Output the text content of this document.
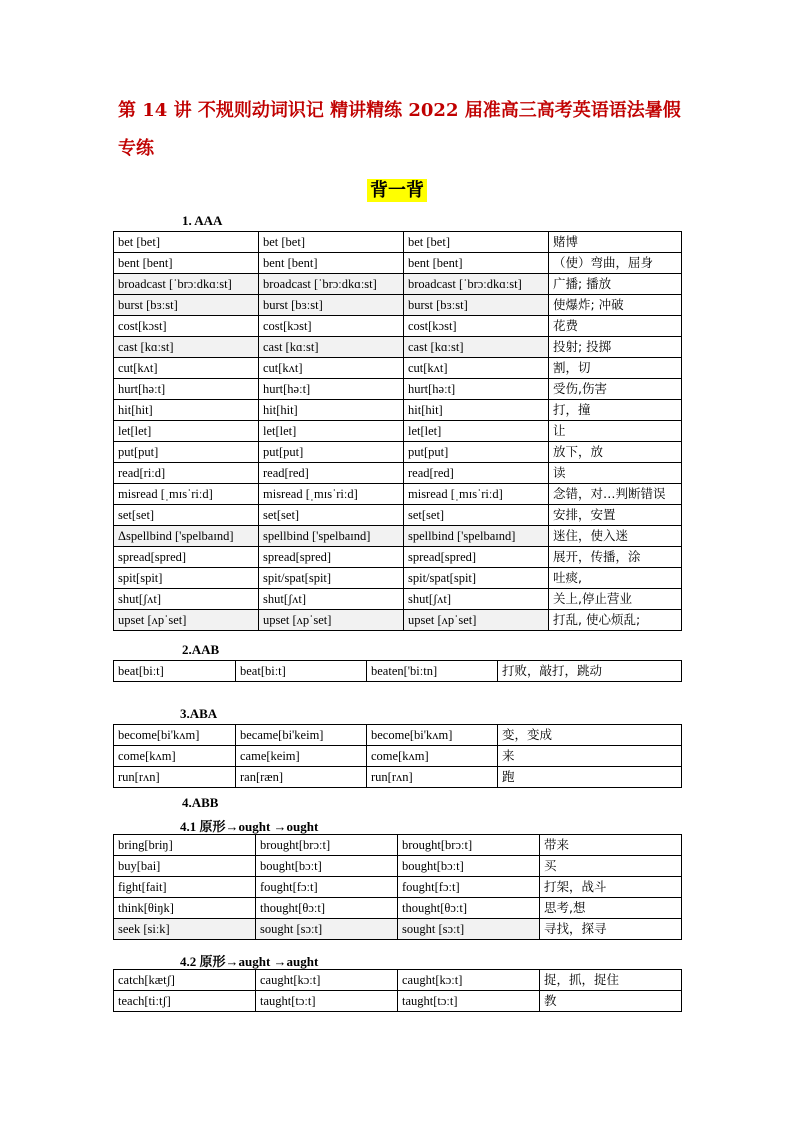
第 14 讲 不规则动词识记 精讲精练 2022 届准高三高考英语语法暑假专练
背一背
1. AAA
bet [bet]	bet [bet]	bet [bet]	赌博
bent [bent]	bent [bent]	bent [bent]	（使）弯曲，屈身
broadcast [ˈbrɔːdkɑːst]	broadcast [ˈbrɔːdkɑːst]	broadcast [ˈbrɔːdkɑːst]	广播; 播放
burst [bɜːst]	burst [bɜːst]	burst [bɜːst]	使爆炸; 冲破
cost[kɔst]	cost[kɔst]	cost[kɔst]	花费
cast [kɑːst]	cast [kɑːst]	cast [kɑːst]	投射; 投掷
cut[kʌt]	cut[kʌt]	cut[kʌt]	割，切
hurt[həːt]	hurt[həːt]	hurt[həːt]	受伤,伤害
hit[hit]	hit[hit]	hit[hit]	打，撞
let[let]	let[let]	let[let]	让
put[put]	put[put]	put[put]	放下，放
read[riːd]	read[red]	read[red]	读
misread [ˌmɪsˈriːd]	misread [ˌmɪsˈriːd]	misread [ˌmɪsˈriːd]	念错，对…判断错误
set[set]	set[set]	set[set]	安排，安置
Δspellbind ['spelbaɪnd]	spellbind ['spelbaɪnd]	spellbind ['spelbaɪnd]	迷住，使入迷
spread[spred]	spread[spred]	spread[spred]	展开，传播，涂
spit[spit]	spit/spat[spit]	spit/spat[spit]	吐痰,
shut[ʃʌt]	shut[ʃʌt]	shut[ʃʌt]	关上,停止营业
upset [ʌpˈset]	upset [ʌpˈset]	upset [ʌpˈset]	打乱, 使心烦乱;
2.AAB
beat[biːt]	beat[biːt]	beaten['biːtn]	打败，敲打，跳动
3.ABA
become[bi'kʌm]	became[bi'keim]	become[bi'kʌm]	变，变成
come[kʌm]	came[keim]	come[kʌm]	来
run[rʌn]	ran[ræn]	run[rʌn]	跑
4.ABB
4.1 原形→ought →ought
bring[briŋ]	brought[brɔːt]	brought[brɔːt]	带来
buy[bai]	bought[bɔːt]	bought[bɔːt]	买
fight[fait]	fought[fɔːt]	fought[fɔːt]	打架，战斗
think[θiŋk]	thought[θɔːt]	thought[θɔːt]	思考,想
seek [siːk]	sought [sɔːt]	sought [sɔːt]	寻找，探寻
4.2 原形→aught →aught
catch[kætʃ]	caught[kɔːt]	caught[kɔːt]	捉，抓，捉住
teach[tiːtʃ]	taught[tɔːt]	taught[tɔːt]	教
